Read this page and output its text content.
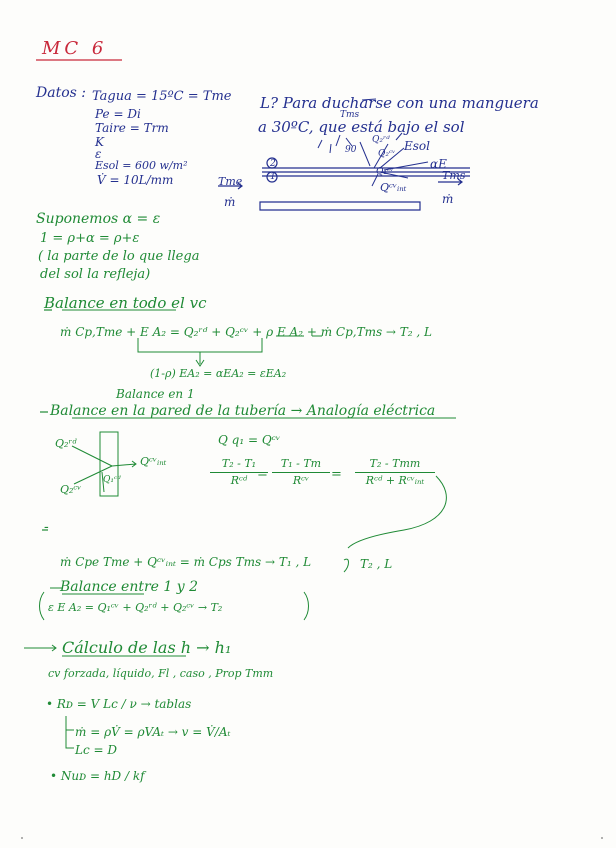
MC 6
Datos : Tagua = 15ºC = Tme
Pe = Di
Taire = Trm
K
ε
Esol = 600 w/m²
V̇ = 10L/mm
L? Para ducharse con una manguera
a 30ºC, que está bajo el sol
Tms
Q₂ʳᵈ
Q₂ᶜᵛ
90	Esol
αE
Q₁ᶜᵛ
Qᶜᵛᵢₙₜ
Tms
ṁ
Tme
ṁ
2
1
Suponemos α = ε
1 = ρ+α = ρ+ε
( la parte de lo que llega
del sol la refleja)
Balance en todo el vc
ṁ Cp,Tme + E A₂ = Q₂ʳᵈ + Q₂ᶜᵛ + ρ E A₂ + ṁ Cp,Tms → T₂ , L
(1-ρ) EA₂ = αEA₂ = εEA₂
Balance en 1
Balance en la pared de la tubería → Analogía eléctrica
Q₂ʳᵈ
Qᶜᵛᵢₙₜ
Q₂ᶜᵛ
Q₁ᶜᵈ
Q q₁ = Qᶜᵛ
T₂ - T₁
Rᶜᵈ =
T₁ - Tm
Rᶜᵛ	=
T₂ - Tmm
Rᶜᵈ + Rᶜᵛᵢₙₜ
-
ṁ Cpe Tme + Qᶜᵛᵢₙₜ = ṁ Cps Tms → T₁ , L	T₂ , L
Balance entre 1 y 2
ε E A₂ = Q₁ᶜᵛ + Q₂ʳᵈ + Q₂ᶜᵛ → T₂
Cálculo de las h → h₁
cv forzada, líquido, Fl , caso , Prop Tmm
• Rᴅ = V Lc / ν → tablas
ṁ = ρV̇ = ρVAₜ → v = V̇/Aₜ
Lc = D
• Nuᴅ = hD / kf
